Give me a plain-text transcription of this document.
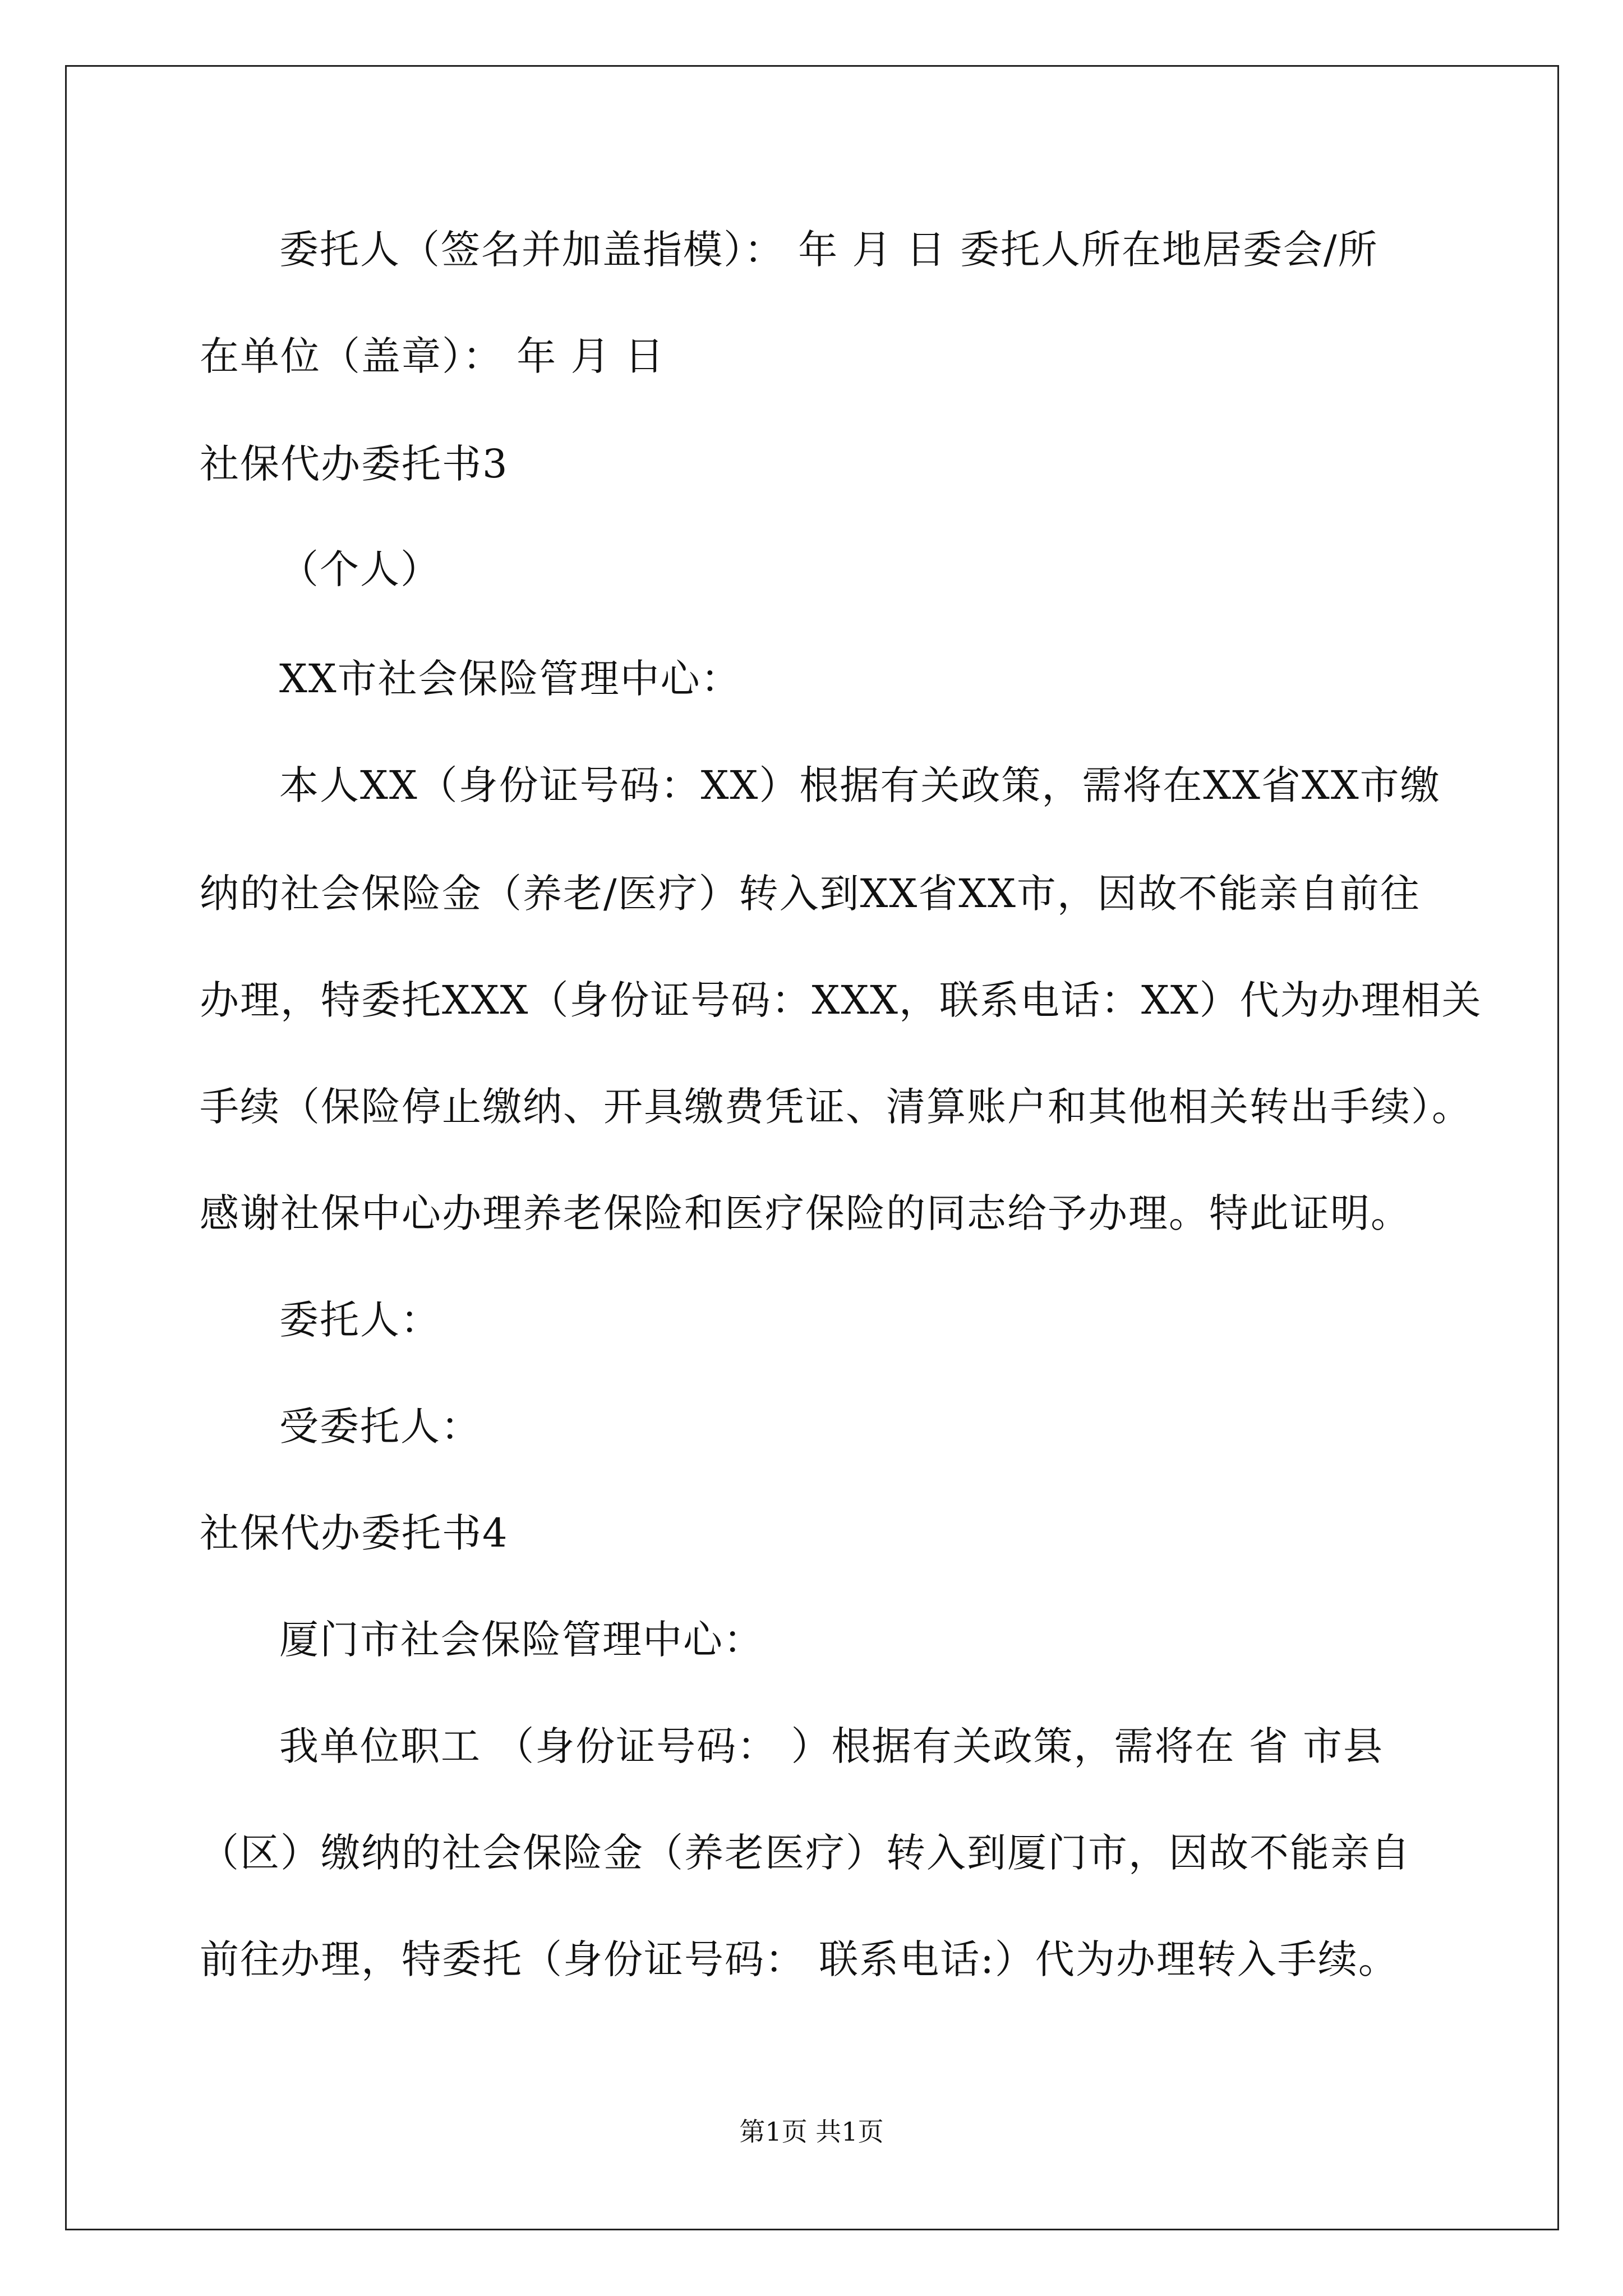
委托人（签名并加盖指模）： 年 月 日 委托人所在地居委会/所
在单位（盖章）： 年 月 日
社保代办委托书3
（个人）
XX市社会保险管理中心：
本人XX（身份证号码：XX）根据有关政策，需将在XX省XX市缴
纳的社会保险金（养老/医疗）转入到XX省XX市，因故不能亲自前往
办理，特委托XXX（身份证号码：XXX，联系电话：XX）代为办理相关
手续（保险停止缴纳、开具缴费凭证、清算账户和其他相关转出手续）。
感谢社保中心办理养老保险和医疗保险的同志给予办理。特此证明。
委托人：
受委托人：
社保代办委托书4
厦门市社会保险管理中心：
我单位职工 （身份证号码： ）根据有关政策，需将在 省 市县
（区）缴纳的社会保险金（养老医疗）转入到厦门市，因故不能亲自
前往办理，特委托（身份证号码： 联系电话:）代为办理转入手续。
第1页 共1页
